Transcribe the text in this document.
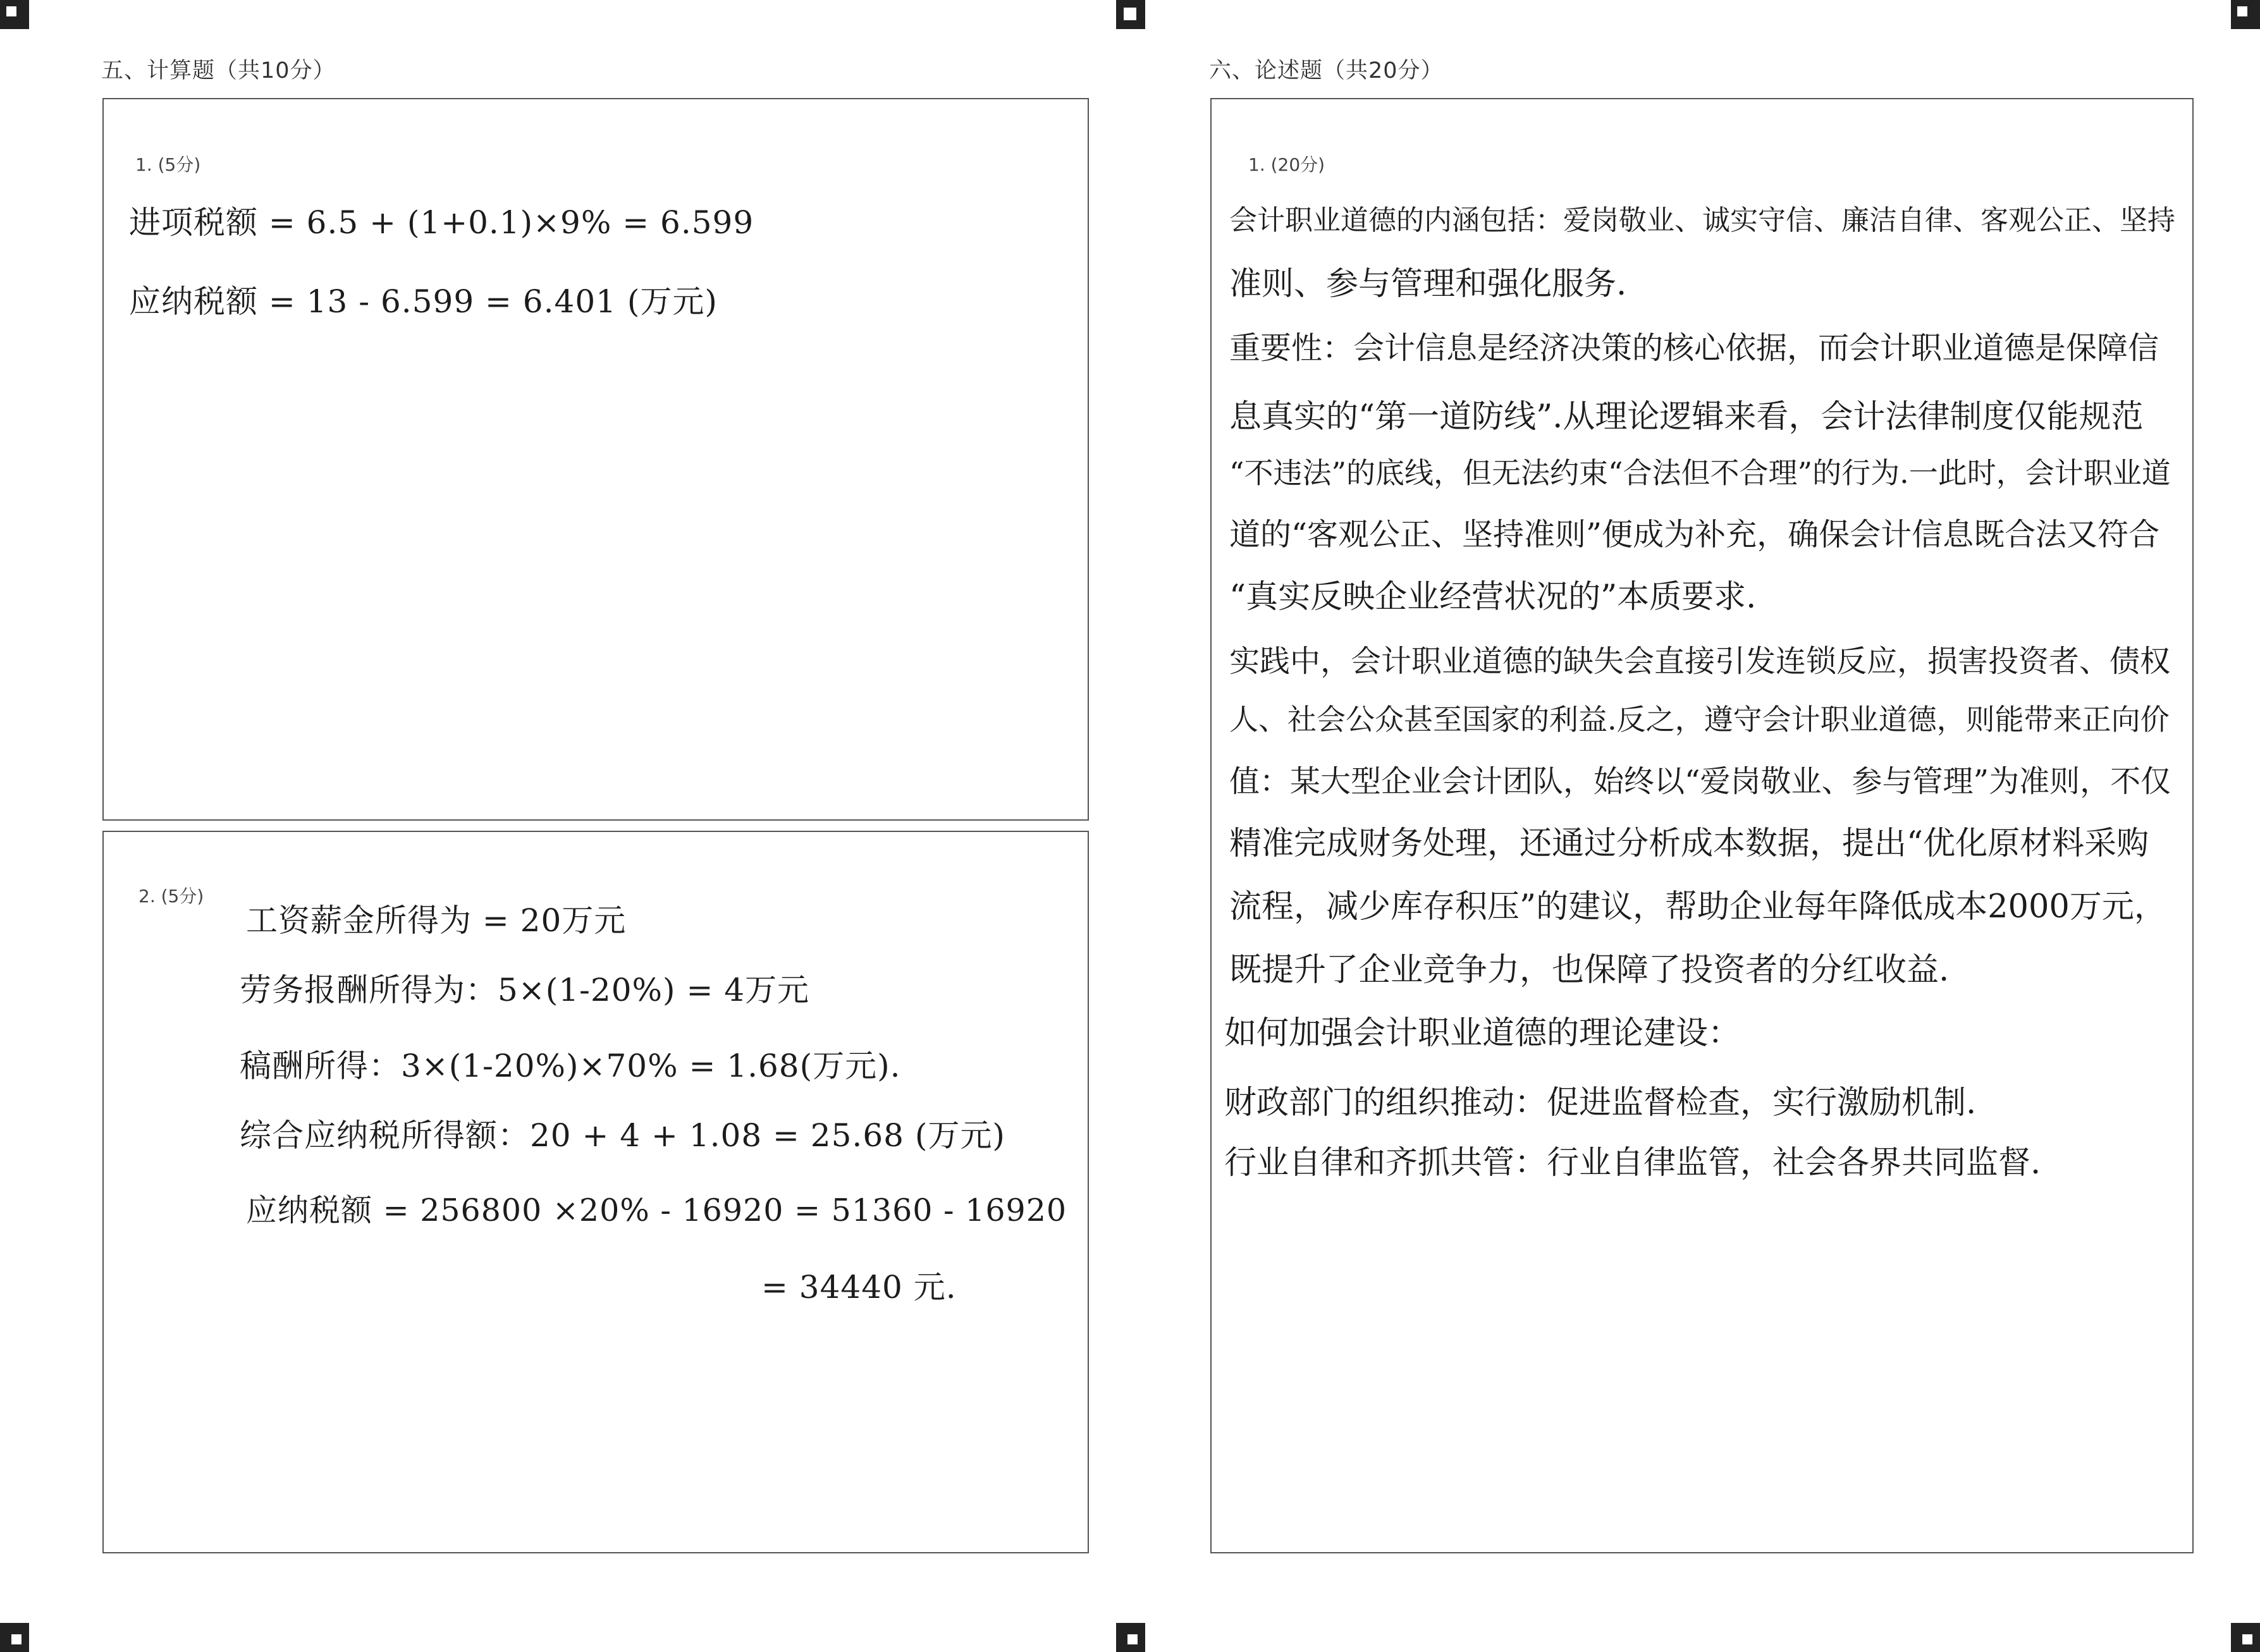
五、计算题（共10分）
1. (5分)

进项税额 = 6.5 + (1+0.1)×9% = 6.599

应纳税额 = 13 - 6.599 = 6.401 (万元)

2. (5分)

工资薪金所得为 = 20万元

劳务报酬所得为：5×(1-20%) = 4万元

稿酬所得：3×(1-20%)×70% = 1.68(万元).

综合应纳税所得额：20 + 4 + 1.08 = 25.68 (万元)

应纳税额 = 256800 ×20% - 16920 = 51360 - 16920

= 34440 元.

六、论述题（共20分）
1. (20分)

会计职业道德的内涵包括：爱岗敬业、诚实守信、廉洁自律、客观公正、坚持

准则、参与管理和强化服务.

重要性：会计信息是经济决策的核心依据，而会计职业道德是保障信

息真实的“第一道防线”.从理论逻辑来看，会计法律制度仅能规范

“不违法”的底线，但无法约束“合法但不合理”的行为.一此时，会计职业道

道的“客观公正、坚持准则”便成为补充，确保会计信息既合法又符合

“真实反映企业经营状况的”本质要求.

实践中，会计职业道德的缺失会直接引发连锁反应，损害投资者、债权

人、社会公众甚至国家的利益.反之，遵守会计职业道德，则能带来正向价

值：某大型企业会计团队，始终以“爱岗敬业、参与管理”为准则，不仅

精准完成财务处理，还通过分析成本数据，提出“优化原材料采购

流程，减少库存积压”的建议，帮助企业每年降低成本2000万元，

既提升了企业竞争力，也保障了投资者的分红收益.

如何加强会计职业道德的理论建设：

财政部门的组织推动：促进监督检查，实行激励机制.

行业自律和齐抓共管：行业自律监管，社会各界共同监督.
